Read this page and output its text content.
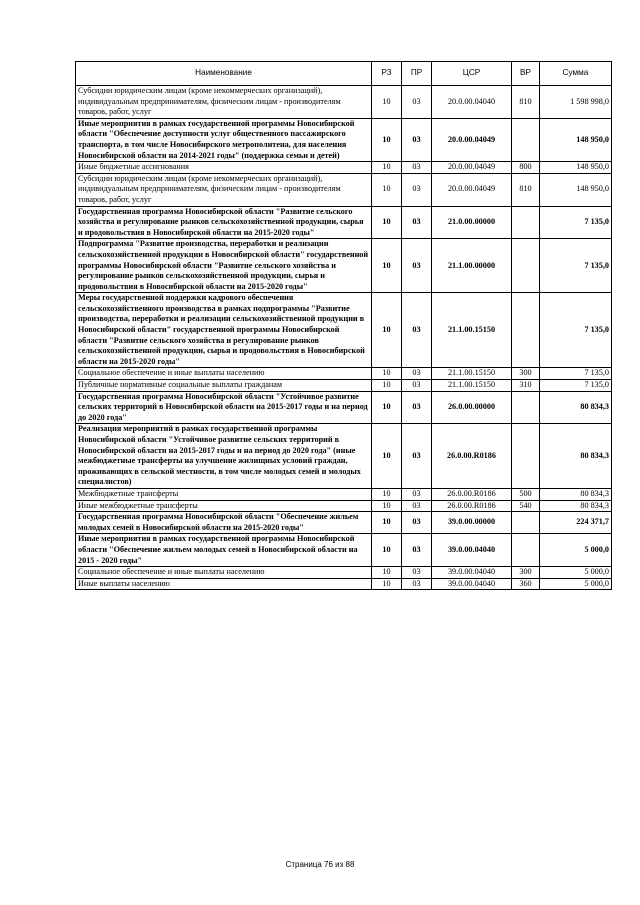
Наименование	РЗ	ПР	ЦСР	ВР	Сумма
Субсидии юридическим лицам (кроме некоммерческих организаций), индивидуальным предпринимателям, физическим лицам - производителям товаров, работ, услуг	10	03	20.0.00.04040	810	1 598 998,0
Иные мероприятия в рамках государственной программы Новосибирской области "Обеспечение доступности услуг общественного пассажирского транспорта, в том числе Новосибирского метрополитена, для населения Новосибирской области на 2014-2021 годы" (поддержка семьи и детей)	10	03	20.0.00.04049		148 950,0
Иные бюджетные ассигнования	10	03	20.0.00.04049	800	148 950,0
Субсидии юридическим лицам (кроме некоммерческих организаций), индивидуальным предпринимателям, физическим лицам - производителям товаров, работ, услуг	10	03	20.0.00.04049	810	148 950,0
Государственная программа Новосибирской области "Развитие сельского хозяйства и регулирование рынков сельскохозяйственной продукции, сырья и продовольствия в Новосибирской области на 2015-2020 годы"	10	03	21.0.00.00000		7 135,0
Подпрограмма "Развитие производства, переработки и реализации сельскохозяйственной продукции в Новосибирской области" государственной программы Новосибирской области "Развитие сельского хозяйства и регулирование рынков сельскохозяйственной продукции, сырья и продовольствия в Новосибирской области на 2015-2020 годы"	10	03	21.1.00.00000		7 135,0
Меры государственной поддержки кадрового обеспечения сельскохозяйственного производства в рамках подпрограммы "Развитие производства, переработки и реализации сельскохозяйственной продукции в Новосибирской области" государственной программы Новосибирской области "Развитие сельского хозяйства и регулирование рынков сельскохозяйственной продукции, сырья и продовольствия в Новосибирской области на 2015-2020 годы"	10	03	21.1.00.15150		7 135,0
Социальное обеспечение и иные выплаты населению	10	03	21.1.00.15150	300	7 135,0
Публичные нормативные социальные выплаты гражданам	10	03	21.1.00.15150	310	7 135,0
Государственная программа Новосибирской области "Устойчивое развитие сельских территорий в Новосибирской области на 2015-2017 годы и на период до 2020 года"	10	03	26.0.00.00000		80 834,3
Реализация мероприятий в рамках государственной программы Новосибирской области "Устойчивое развитие сельских территорий в Новосибирской области на 2015-2017 годы и на период до 2020 года" (иные межбюджетные трансферты на улучшение жилищных условий граждан, проживающих в сельской местности, в том числе молодых семей и молодых специалистов)	10	03	26.0.00.R0186		80 834,3
Межбюджетные трансферты	10	03	26.0.00.R0186	500	80 834,3
Иные межбюджетные трансферты	10	03	26.0.00.R0186	540	80 834,3
Государственная программа Новосибирской области "Обеспечение жильем молодых семей в Новосибирской области на 2015-2020 годы"	10	03	39.0.00.00000		224 371,7
Иные мероприятия в рамках государственной программы Новосибирской области "Обеспечение жильем молодых семей в Новосибирской области на 2015 - 2020 годы"	10	03	39.0.00.04040		5 000,0
Социальное обеспечение и иные выплаты населению	10	03	39.0.00.04040	300	5 000,0
Иные выплаты населению	10	03	39.0.00.04040	360	5 000,0
Страница 76 из 88
